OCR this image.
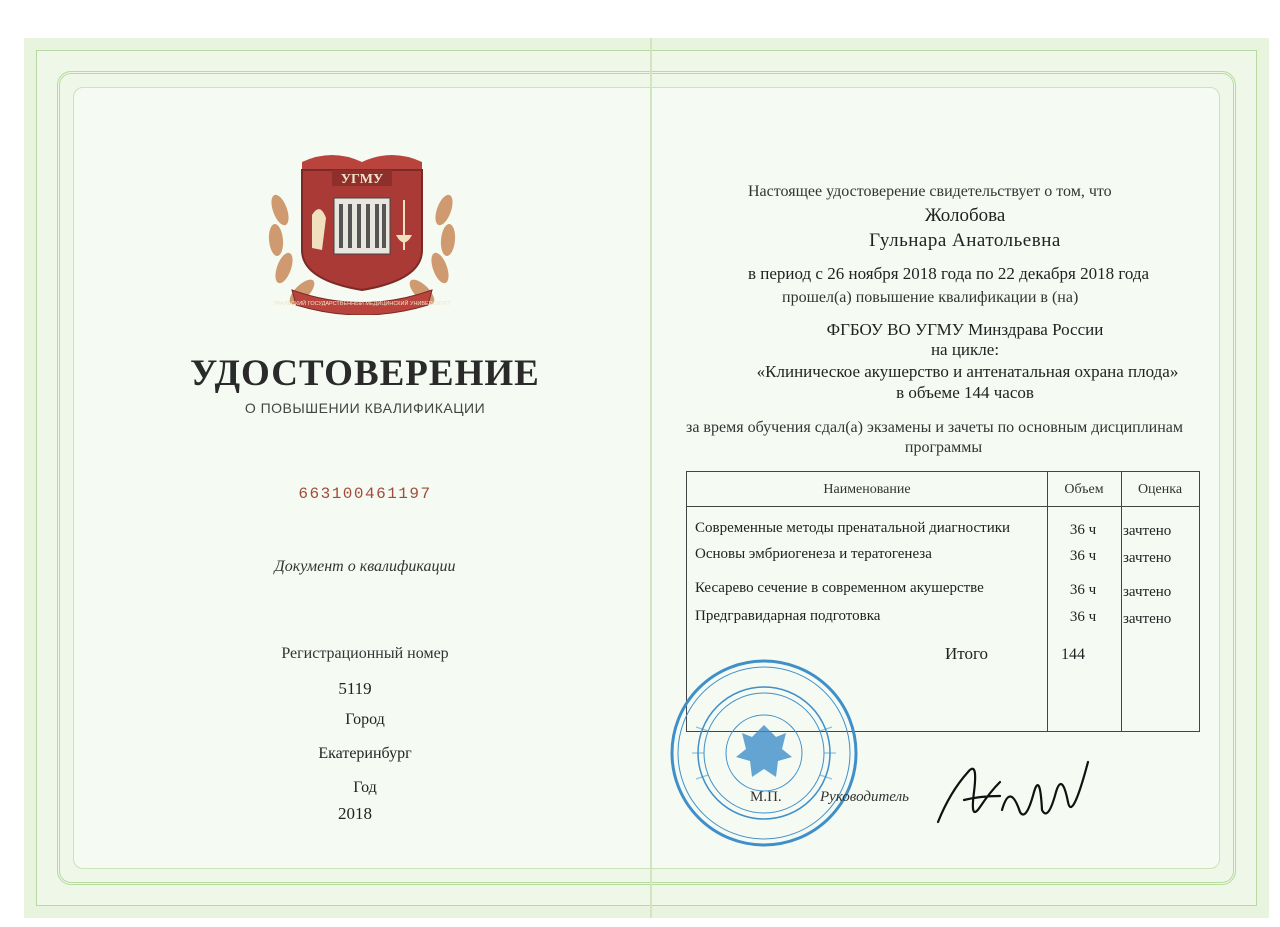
УГМУ
УРАЛЬСКИЙ ГОСУДАРСТВЕННЫЙ МЕДИЦИНСКИЙ УНИВЕРСИТЕТ
УДОСТОВЕРЕНИЕ
О ПОВЫШЕНИИ КВАЛИФИКАЦИИ
663100461197
Документ о квалификации
Регистрационный номер
5119
Город
Екатеринбург
Год
2018
Настоящее удостоверение свидетельствует о том, что
Жолобова
Гульнара Анатольевна
в период с 26 ноября 2018 года по 22 декабря 2018 года
прошел(а) повышение квалификации в (на)
ФГБОУ ВО УГМУ Минздрава России
на цикле:
«Клиническое акушерство и антенатальная охрана плода»
в объеме 144 часов
за время обучения сдал(а) экзамены и зачеты по основным дисциплинам
программы
Наименование	Объем	Оценка
Современные методы пренатальной диагностики	36 ч	зачтено
Основы эмбриогенеза и тератогенеза	36 ч	зачтено
Кесарево сечение в современном акушерстве	36 ч	зачтено
Предгравидарная подготовка	36 ч	зачтено
Итого	144
М.П.	Руководитель
